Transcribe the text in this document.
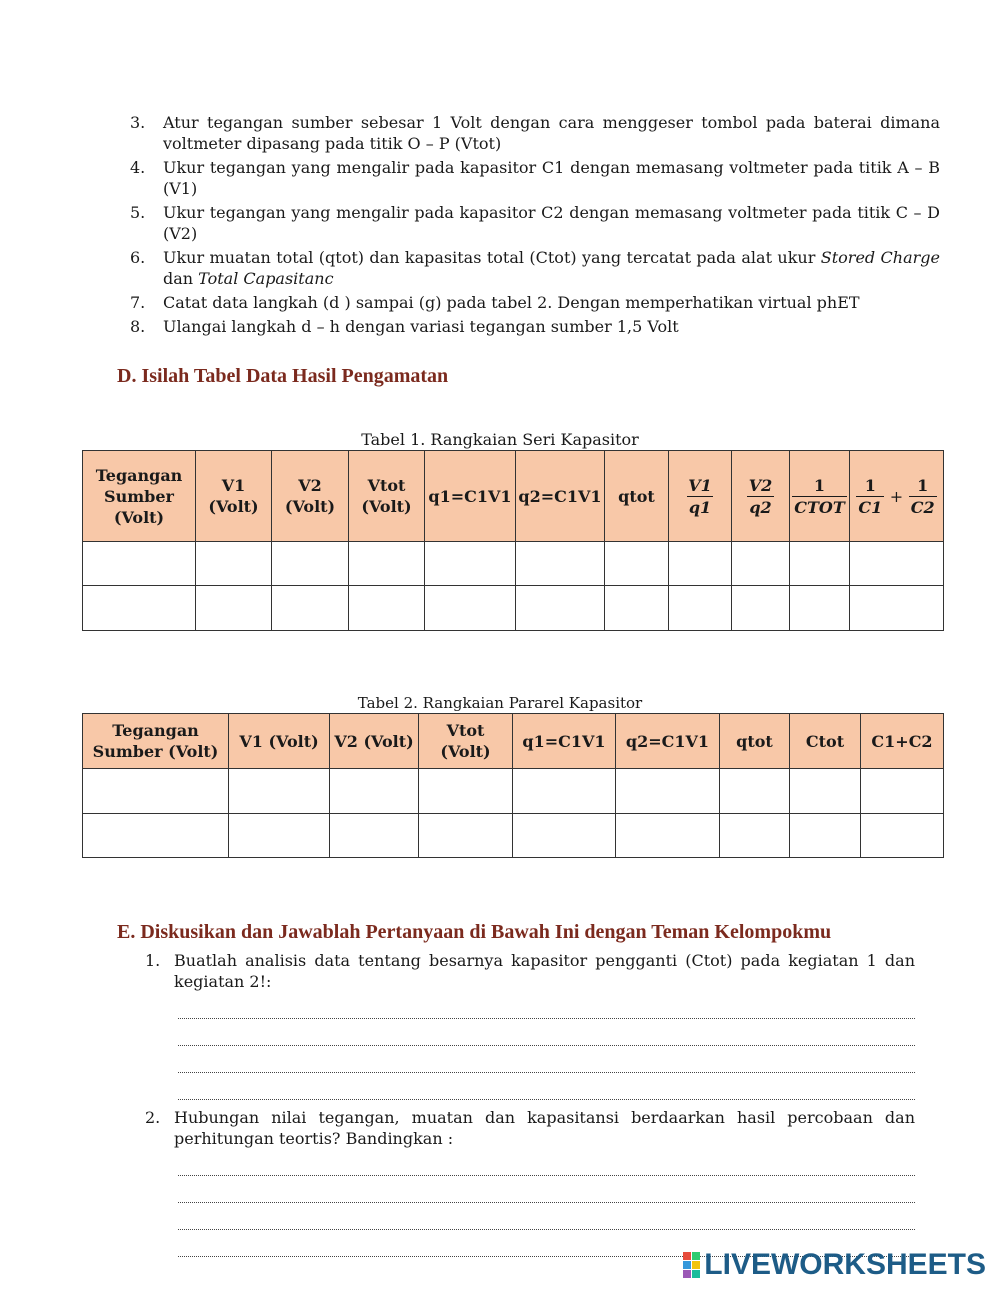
3.	Atur tegangan sumber sebesar 1 Volt dengan cara menggeser tombol pada baterai dimana voltmeter dipasang pada titik O – P (Vtot)
4.	Ukur tegangan yang mengalir pada kapasitor C1 dengan memasang voltmeter pada titik A – B (V1)
5.	Ukur tegangan yang mengalir pada kapasitor C2 dengan memasang voltmeter pada titik C – D (V2)
6.	Ukur muatan total (qtot) dan kapasitas total (Ctot) yang tercatat pada alat ukur Stored Charge dan Total Capasitanc
7.	Catat data langkah (d ) sampai (g) pada tabel 2. Dengan memperhatikan virtual phET
8.	Ulangai langkah d – h dengan variasi tegangan sumber 1,5 Volt
D. Isilah Tabel Data Hasil Pengamatan
Tabel 1. Rangkaian Seri Kapasitor
Tegangan Sumber (Volt)	V1 (Volt)	V2 (Volt)	Vtot (Volt)	q1=C1V1	q2=C1V1	qtot	$\frac{V1}{q1}$	$\frac{V2}{q2}$	$\frac{1}{\text{CTOT}}$	$\frac{1}{C1} + \frac{1}{C2}$

Tabel 2. Rangkaian Pararel Kapasitor
Tegangan Sumber (Volt)	V1 (Volt)	V2 (Volt)	Vtot (Volt)	q1=C1V1	q2=C1V1	qtot	Ctot	C1+C2

E. Diskusikan dan Jawablah Pertanyaan di Bawah Ini dengan Teman Kelompokmu
1. Buatlah analisis data tentang besarnya kapasitor pengganti (Ctot) pada kegiatan 1 dan kegiatan 2!:
2. Hubungan nilai tegangan, muatan dan kapasitansi berdaarkan hasil percobaan dan perhitungan teortis? Bandingkan :
LIVEWORKSHEETS
